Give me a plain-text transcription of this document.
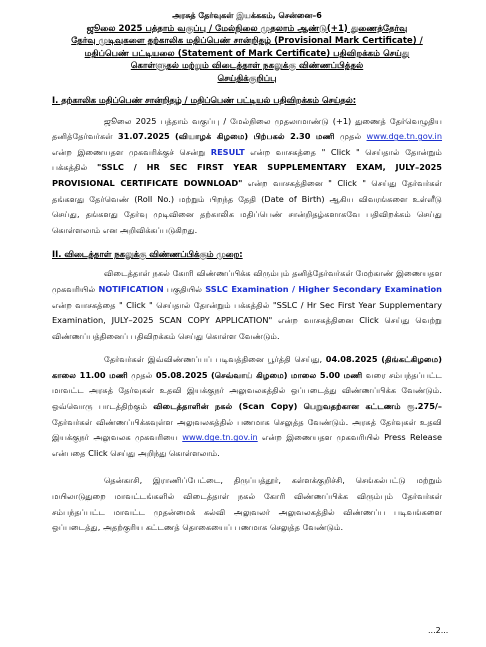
அரசுத் தேர்வுகள் இயக்ககம், சென்னை–6
ஜூலை 2025 பத்தாம் வகுப்பு / மேல்நிலை முதலாம் ஆண்டு(+1) துணைத்தேர்வு
தேர்வு முடிவுகளை தற்காலிக மதிப்பெண் சான்றிதழ் (Provisional Mark Certificate) /
மதிப்பெண் பட்டியலை (Statement of Mark Certificate) பதிவிறக்கம் செய்து
கொள்ளுதல் மற்றும் விடைத்தாள் நகலுக்கு விண்ணப்பித்தல்
செய்திக்குறிப்பு
I. தற்காலிக மதிப்பெண் சான்றிதழ் / மதிப்பெண் பட்டியல் பதிவிறக்கம் செய்தல்:

ஜூலை 2025 பத்தாம் வகுப்பு / மேல்நிலை முதலாமாண்டு (+1) துணைத் தேர்வெழுதிய தனித்தேர்வர்கள் 31.07.2025 (வியாழக் கிழமை) பிற்பகல் 2.30 மணி முதல் www.dge.tn.gov.in என்ற இணையதள முகவரிக்குச் சென்று RESULT என்ற வாசகத்தை " Click " செய்தால் தோன்றும் பக்கத்தில் "SSLC / HR SEC FIRST YEAR SUPPLEMENTARY EXAM, JULY–2025 PROVISIONAL CERTIFICATE DOWNLOAD" என்ற வாசகத்தினை " Click " செய்து தேர்வர்கள் தங்களது தேர்வெண் (Roll No.) மற்றும் பிறந்த தேதி (Date of Birth) ஆகிய விவரங்களை உள்ளீடு செய்து, தங்களது தேர்வு முடிவினை தற்காலிக மதிப்பெண் சான்றிதழ்களாகவே பதிவிறக்கம் செய்து கொள்ளலாம் என அறிவிக்கப்படுகிறது.

II. விடைத்தாள் நகலுக்கு விண்ணப்பிக்கும் முறை:

விடைத்தாள் நகல் கோரி விண்ணப்பிக்க விரும்பும் தனித்தேர்வர்கள் மேற்காண் இணையதள முகவரியில் NOTIFICATION பகுதியில் SSLC Examination / Higher Secondary Examination என்ற வாசகத்தை " Click " செய்தால் தோன்றும் பக்கத்தில் "SSLC / Hr Sec First Year Supplementary Examination, JULY–2025 SCAN COPY APPLICATION" என்ற வாசகத்தினை Click செய்து வெற்று விண்ணப்பத்தினைப் பதிவிறக்கம் செய்து கொள்ள வேண்டும்.

தேர்வர்கள் இவ்விண்ணப்பப் படிவத்தினை பூர்த்தி செய்து, 04.08.2025 (திங்கட்கிழமை) காலை 11.00 மணி முதல் 05.08.2025 (செவ்வாய் கிழமை) மாலை 5.00 மணி வரை சம்பந்தப்பட்ட மாவட்ட அரசுத் தேர்வுகள் உதவி இயக்குநர் அலுவலகத்தில் ஒப்படைத்து விண்ணப்பிக்க வேண்டும். ஒவ்வொரு பாடத்திற்கும் விடைத்தாளின் நகல் (Scan Copy) பெறுவதற்கான கட்டணம் ரூ.275/–தேர்வர்கள் விண்ணப்பிக்கவுள்ள அலுவலகத்தில் பணமாக செலுத்த வேண்டும். அரசுத் தேர்வுகள் உதவி இயக்குநர் அலுவலக முகவரியை www.dge.tn.gov.in என்ற இணையதள முகவரியில் Press Release என்பதை Click செய்து அறிந்து கொள்ளலாம்.

தென்காசி, இராணிப்பேட்டை, திருப்பத்தூர், கள்ளக்குறிச்சி, செங்கல்பட்டு மற்றும் மயிலாடுதுறை மாவட்டங்களில் விடைத்தாள் நகல் கோரி விண்ணப்பிக்க விரும்பும் தேர்வர்கள் சம்பந்தப்பட்ட மாவட்ட முதன்மைக் கல்வி அலுவலர் அலுவலகத்தில் விண்ணப்ப படிவங்களை ஒப்படைத்து, அதற்குரிய கட்டணத் தொகையைப் பணமாக செலுத்த வேண்டும்.

...2...
